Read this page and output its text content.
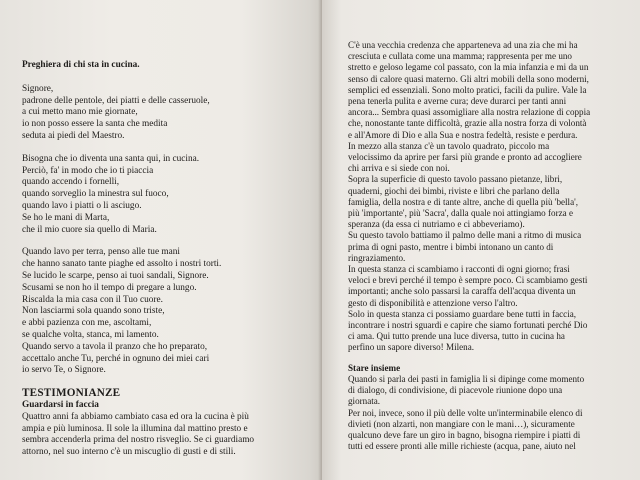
Preghiera di chi sta in cucina.
Signore,
padrone delle pentole, dei piatti e delle casseruole,
a cui metto mano mie giornate,
io non posso essere la santa che medita
seduta ai piedi del Maestro.
Bisogna che io diventa una santa qui, in cucina.
Perciò, fa' in modo che io ti piaccia
quando accendo i fornelli,
quando sorveglio la minestra sul fuoco,
quando lavo i piatti o li asciugo.
Se ho le mani di Marta,
che il mio cuore sia quello di Maria.
Quando lavo per terra, penso alle tue mani
che hanno sanato tante piaghe ed assolto i nostri torti.
Se lucido le scarpe, penso ai tuoi sandali, Signore.
Scusami se non ho il tempo di pregare a lungo.
Riscalda la mia casa con il Tuo cuore.
Non lasciarmi sola quando sono triste,
e abbi pazienza con me, ascoltami,
se qualche volta, stanca, mi lamento.
Quando servo a tavola il pranzo che ho preparato,
accettalo anche Tu, perché in ognuno dei miei cari
io servo Te, o Signore.
TESTIMONIANZE
Guardarsi in faccia
Quattro anni fa abbiamo cambiato casa ed ora la cucina è più
ampia e più luminosa. Il sole la illumina dal mattino presto e
sembra accenderla prima del nostro risveglio. Se ci guardiamo
attorno, nel suo interno c'è un miscuglio di gusti e di stili.
C'è una vecchia credenza che apparteneva ad una zia che mi ha
cresciuta e cullata come una mamma; rappresenta per me uno
stretto e geloso legame col passato, con la mia infanzia e mi da un
senso di calore quasi materno. Gli altri mobili della sono moderni,
semplici ed essenziali. Sono molto pratici, facili da pulire. Vale la
pena tenerla pulita e averne cura; deve durarci per tanti anni
ancora... Sembra quasi assomigliare alla nostra relazione di coppia
che, nonostante tante difficoltà, grazie alla nostra forza di volontà
e all'Amore di Dio e alla Sua e nostra fedeltà, resiste e perdura.
In mezzo alla stanza c'è un tavolo quadrato, piccolo ma
velocissimo da aprire per farsi più grande e pronto ad accogliere
chi arriva e si siede con noi.
Sopra la superficie di questo tavolo passano pietanze, libri,
quaderni, giochi dei bimbi, riviste e libri che parlano della
famiglia, della nostra e di tante altre, anche di quella più 'bella',
più 'importante', più 'Sacra', dalla quale noi attingiamo forza e
speranza (da essa ci nutriamo e ci abbeveriamo).
Su questo tavolo battiamo il palmo delle mani a ritmo di musica
prima di ogni pasto, mentre i bimbi intonano un canto di
ringraziamento.
In questa stanza ci scambiamo i racconti di ogni giorno; frasi
veloci e brevi perché il tempo è sempre poco. Ci scambiamo gesti
importanti; anche solo passarsi la caraffa dell'acqua diventa un
gesto di disponibilità e attenzione verso l'altro.
Solo in questa stanza ci possiamo guardare bene tutti in faccia,
incontrare i nostri sguardi e capire che siamo fortunati perché Dio
ci ama. Qui tutto prende una luce diversa, tutto in cucina ha
perfino un sapore diverso! Milena.
Stare insieme
Quando si parla dei pasti in famiglia li si dipinge come momento
di dialogo, di condivisione, di piacevole riunione dopo una
giornata.
Per noi, invece, sono il più delle volte un'interminabile elenco di
divieti (non alzarti, non mangiare con le mani…), sicuramente
qualcuno deve fare un giro in bagno, bisogna riempire i piatti di
tutti ed essere pronti alle mille richieste (acqua, pane, aiuto nel
